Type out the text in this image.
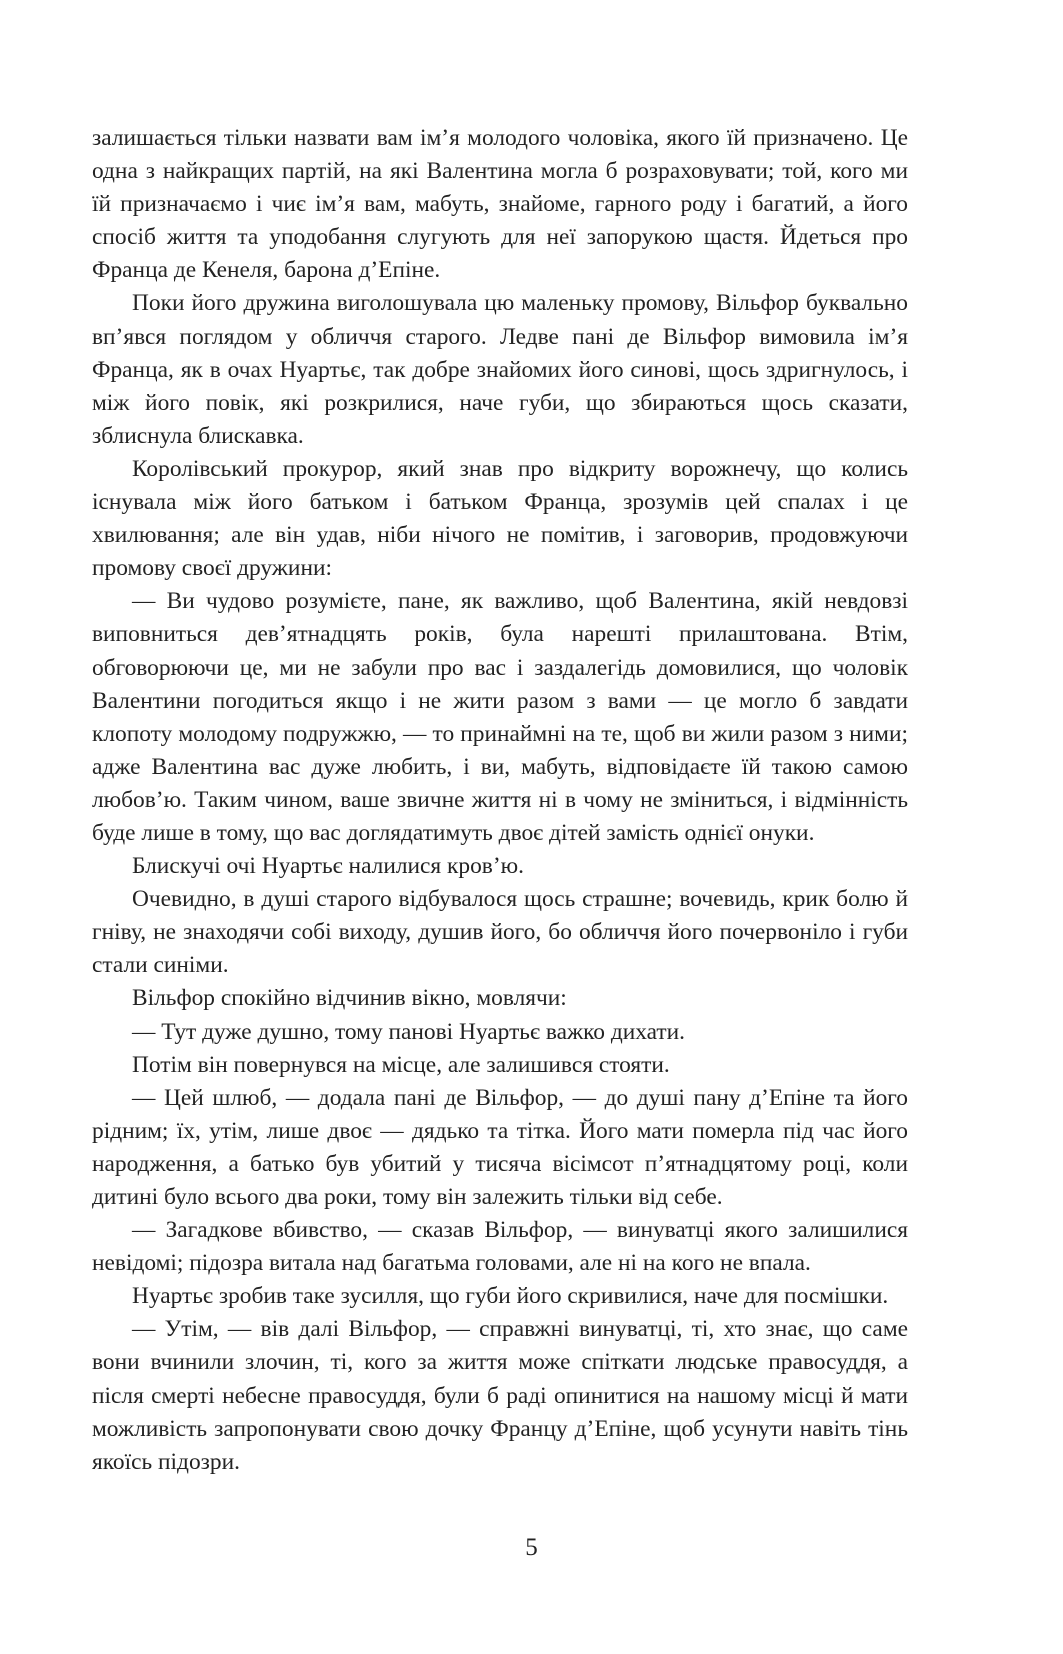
залишається тільки назвати вам ім’я молодого чоловіка, якого їй призначено. Це одна з найкращих партій, на які Валентина могла б розраховувати; той, кого ми їй призначаємо і чиє ім’я вам, мабуть, знайоме, гарного роду і багатий, а його спосіб життя та уподобання слугують для неї запорукою щастя. Йдеться про Франца де Кенеля, барона д’Епіне.

Поки його дружина виголошувала цю маленьку промову, Вільфор буквально вп’явся поглядом у обличчя старого. Ледве пані де Вільфор вимовила ім’я Франца, як в очах Нуартьє, так добре знайомих його синові, щось здригнулось, і між його повік, які розкрилися, наче губи, що збираються щось сказати, зблиснула блискавка.

Королівський прокурор, який знав про відкриту ворожнечу, що колись існувала між його батьком і батьком Франца, зрозумів цей спалах і це хвилювання; але він удав, ніби нічого не помітив, і заговорив, продовжуючи промову своєї дружини:

— Ви чудово розумієте, пане, як важливо, щоб Валентина, якій невдовзі виповниться дев’ятнадцять років, була нарешті прилаштована. Втім, обговорюючи це, ми не забули про вас і заздалегідь домовилися, що чоловік Валентини погодиться якщо і не жити разом з вами — це могло б завдати клопоту молодому подружжю, — то принаймні на те, щоб ви жили разом з ними; адже Валентина вас дуже любить, і ви, мабуть, відповідаєте їй такою самою любов’ю. Таким чином, ваше звичне життя ні в чому не зміниться, і відмінність буде лише в тому, що вас доглядатимуть двоє дітей замість однієї онуки.

Блискучі очі Нуартьє налилися кров’ю.

Очевидно, в душі старого відбувалося щось страшне; вочевидь, крик болю й гніву, не знаходячи собі виходу, душив його, бо обличчя його почервоніло і губи стали синіми.

Вільфор спокійно відчинив вікно, мовлячи:

— Тут дуже душно, тому панові Нуартьє важко дихати.

Потім він повернувся на місце, але залишився стояти.

— Цей шлюб, — додала пані де Вільфор, — до душі пану д’Епіне та його рідним; їх, утім, лише двоє — дядько та тітка. Його мати померла під час його народження, а батько був убитий у тисяча вісімсот п’ятнадцятому році, коли дитині було всього два роки, тому він залежить тільки від себе.

— Загадкове вбивство, — сказав Вільфор, — винуватці якого залишилися невідомі; підозра витала над багатьма головами, але ні на кого не впала.

Нуартьє зробив таке зусилля, що губи його скривилися, наче для посмішки.

— Утім, — вів далі Вільфор, — справжні винуватці, ті, хто знає, що саме вони вчинили злочин, ті, кого за життя може спіткати людське правосуддя, а після смерті небесне правосуддя, були б раді опинитися на нашому місці й мати можливість запропонувати свою дочку Францу д’Епіне, щоб усунути навіть тінь якоїсь підозри.

5
